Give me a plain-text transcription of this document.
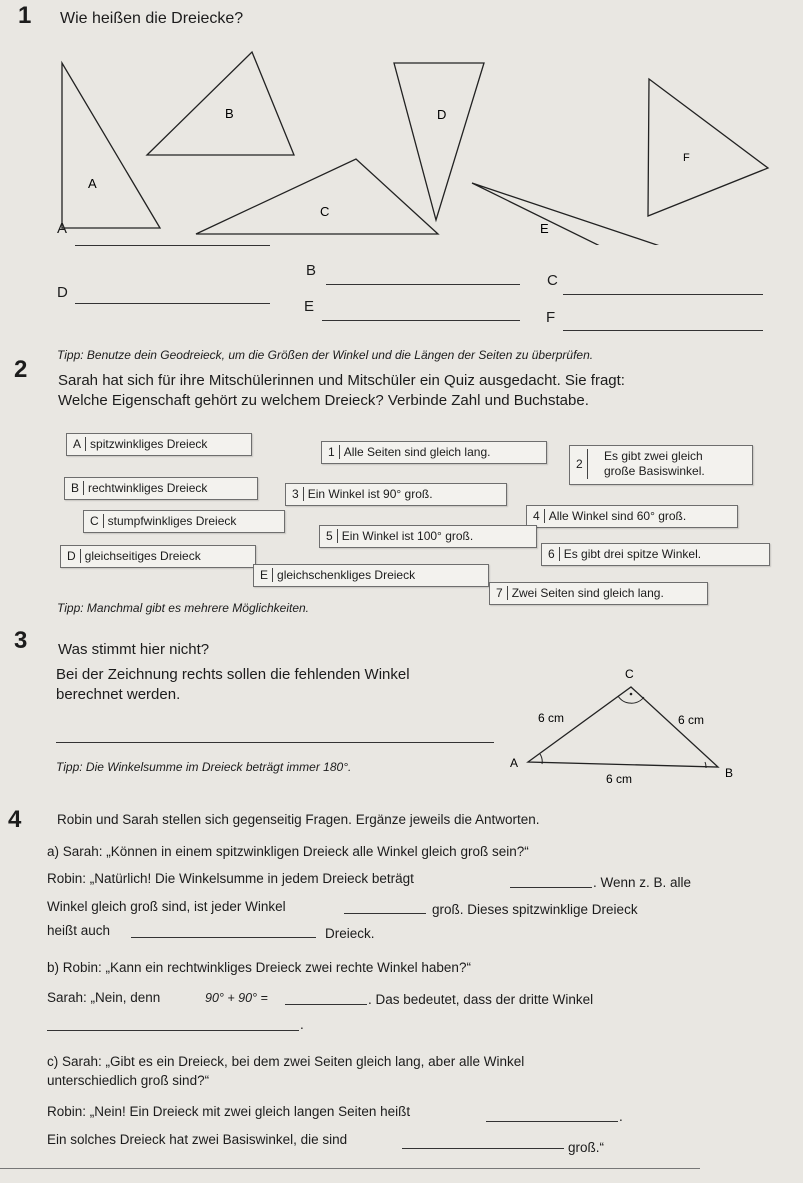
1 Wie heißen die Dreiecke?
A
B
C
D
E
F
A
B
C
D
E
F
Tipp: Benutze dein Geodreieck, um die Größen der Winkel und die Längen der Seiten zu überprüfen.
2 Sarah hat sich für ihre Mitschülerinnen und Mitschüler ein Quiz ausgedacht. Sie fragt:
Welche Eigenschaft gehört zu welchem Dreieck? Verbinde Zahl und Buchstabe.
A spitzwinkliges Dreieck
B rechtwinkliges Dreieck
C stumpfwinkliges Dreieck
D gleichseitiges Dreieck
E gleichschenkliges Dreieck
1 Alle Seiten sind gleich lang.
2
Es gibt zwei gleich
große Basiswinkel.
3 Ein Winkel ist 90° groß.
4 Alle Winkel sind 60° groß.
5 Ein Winkel ist 100° groß.
6 Es gibt drei spitze Winkel.
7 Zwei Seiten sind gleich lang.
Tipp: Manchmal gibt es mehrere Möglichkeiten.
3 Was stimmt hier nicht?
Bei der Zeichnung rechts sollen die fehlenden Winkel
berechnet werden.
Tipp: Die Winkelsumme im Dreieck beträgt immer 180°.
C
A
B
6 cm	6 cm
6 cm
4	Robin und Sarah stellen sich gegenseitig Fragen. Ergänze jeweils die Antworten.
a) Sarah: „Können in einem spitzwinkligen Dreieck alle Winkel gleich groß sein?“
Robin: „Natürlich! Die Winkelsumme in jedem Dreieck beträgt	. Wenn z. B. alle
Winkel gleich groß sind, ist jeder Winkel	groß. Dieses spitzwinklige Dreieck
heißt auch	Dreieck.
b) Robin: „Kann ein rechtwinkliges Dreieck zwei rechte Winkel haben?“
Sarah: „Nein, denn	90° + 90° =	. Das bedeutet, dass der dritte Winkel
.
c) Sarah: „Gibt es ein Dreieck, bei dem zwei Seiten gleich lang, aber alle Winkel
unterschiedlich groß sind?“
Robin: „Nein! Ein Dreieck mit zwei gleich langen Seiten heißt	.
Ein solches Dreieck hat zwei Basiswinkel, die sind
groß.“
